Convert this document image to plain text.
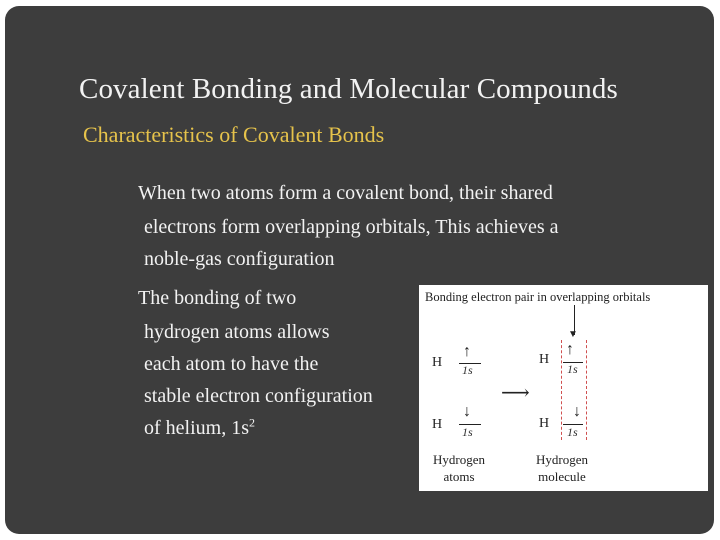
Covalent Bonding and Molecular Compounds
Characteristics of Covalent Bonds
When two atoms form a covalent bond, their shared
electrons form overlapping orbitals, This achieves a
noble-gas configuration
The bonding of two
hydrogen atoms allows
each atom to have the
stable electron configuration
of helium, $1s^2$
Bonding electron pair in overlapping orbitals
H
↑
1s
H
↓
1s
⟶
H
H
▼
↑
1s
↓
1s
Hydrogen
atoms
Hydrogen
molecule
